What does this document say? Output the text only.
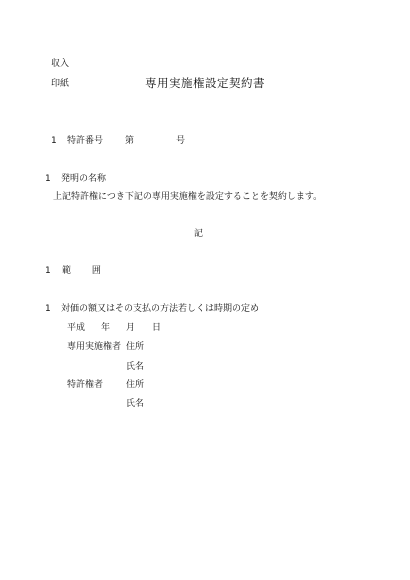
収入
印紙	専用実施権設定契約書
1 特許番号 第	号
1 発明の名称
上記特許権につき下記の専用実施権を設定することを契約します。
記
1 範　 囲
1 対価の額又はその支払の方法若しくは時期の定め
平成 年 月 日
専用実施権者 住所
氏名
特許権者	住所
氏名
